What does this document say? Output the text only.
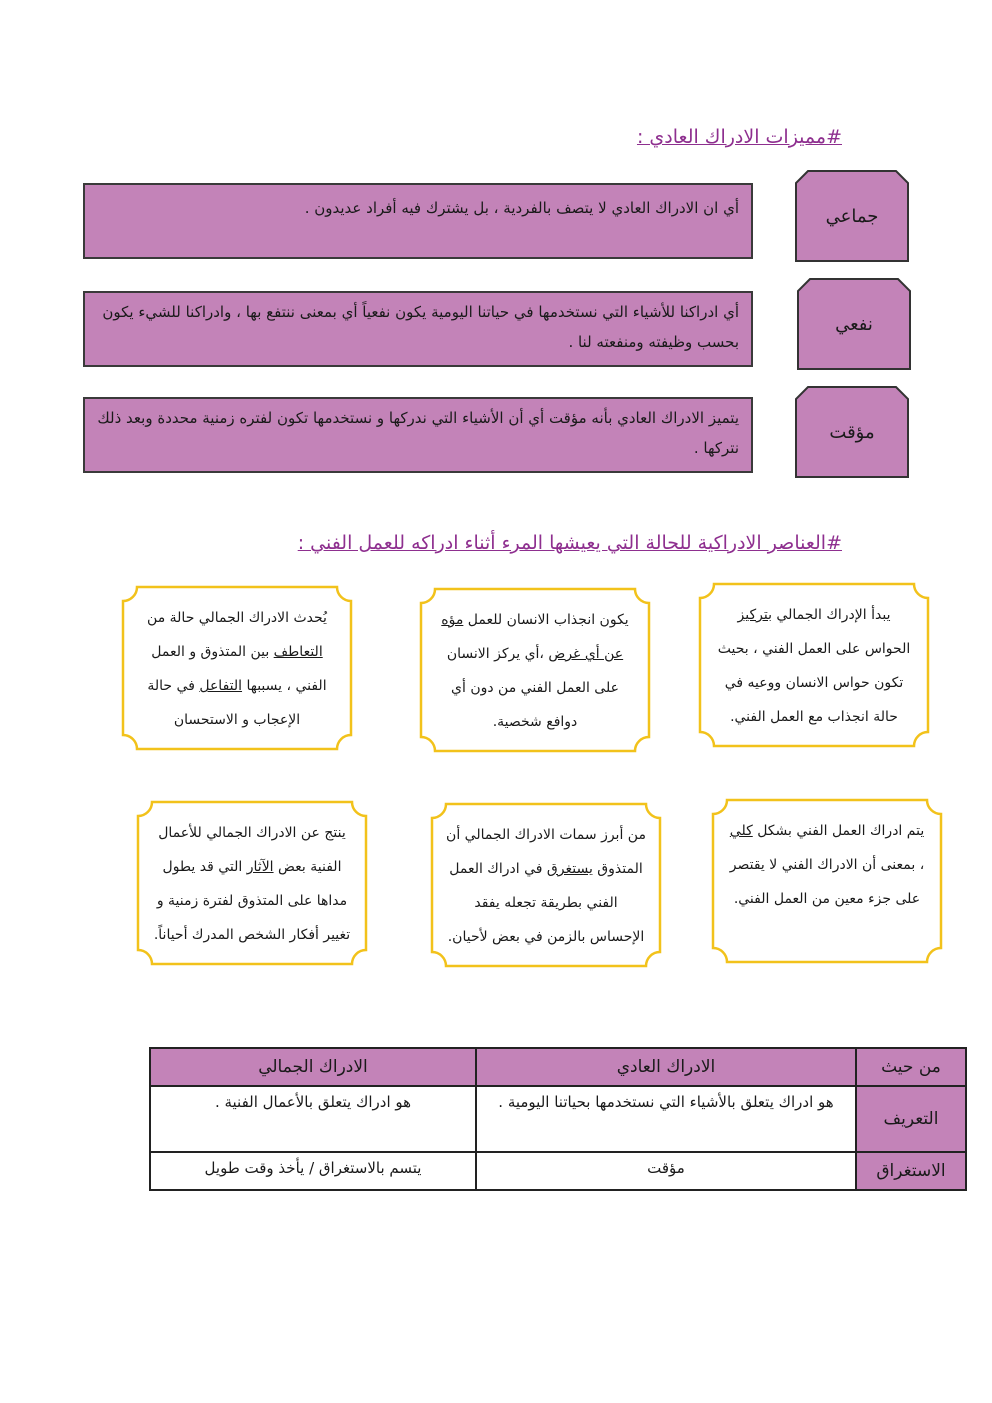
#مميزات الادراك العادي :
أي ان الادراك العادي لا يتصف بالفردية ، بل يشترك فيه أفراد عديدون .	جماعي
أي ادراكنا للأشياء التي نستخدمها في حياتنا اليومية يكون نفعياً أي بمعنى ننتفع بها ، وادراكنا للشيء يكون بحسب وظيفته ومنفعته لنا .
نفعي
يتميز الادراك العادي بأنه مؤقت أي أن الأشياء التي ندركها و نستخدمها تكون لفتره زمنية محددة وبعد ذلك نتركها .
مؤقت
#العناصر الادراكية للحالة التي يعيشها المرء أثناء ادراكه للعمل الفني :
يبدأ الإدراك الجمالي بتركيز الحواس على العمل الفني ، بحيث تكون حواس الانسان ووعيه في حالة انجذاب مع العمل الفني.
يكون انجذاب الانسان للعمل مؤه عن أي غرض ،أي يركز الانسان على العمل الفني من دون أي دوافع شخصية.
يُحدث الادراك الجمالي حالة من التعاطف بين المتذوق و العمل الفني ، يسببها التفاعل في حالة الإعجاب و الاستحسان
يتم ادراك العمل الفني بشكل كلي ، بمعنى أن الادراك الفني لا يقتصر على جزء معين من العمل الفني.
من أبرز سمات الادراك الجمالي أن المتذوق يستغرق في ادراك العمل الفني بطريقة تجعله يفقد الإحساس بالزمن في بعض لأحيان.
ينتج عن الادراك الجمالي للأعمال الفنية بعض الآثار التي قد يطول مداها على المتذوق لفترة زمنية و تغيير أفكار الشخص المدرك أحياناً.
من حيث	الادراك العادي	الادراك الجمالي
التعريف	هو ادراك يتعلق بالأشياء التي نستخدمها بحياتنا اليومية .	هو ادراك يتعلق بالأعمال الفنية .
الاستغراق	مؤقت	يتسم بالاستغراق / يأخذ وقت طويل
